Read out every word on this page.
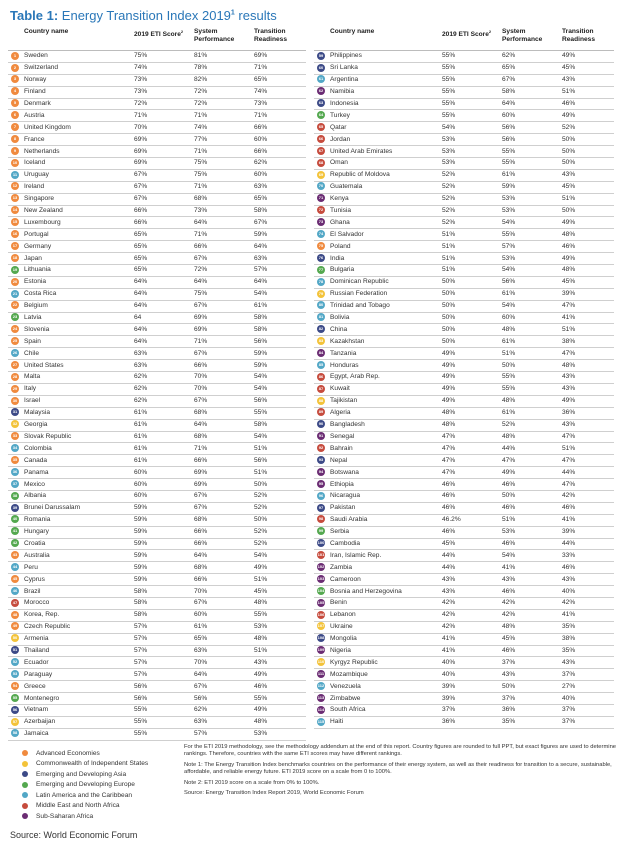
Table 1: Energy Transition Index 2019$^1$ results
	Country name	2019 ETI Score$^2$	System Performance	Transition Readiness
1	Sweden	75%	81%	69%
2	Switzerland	74%	78%	71%
3	Norway	73%	82%	65%
4	Finland	73%	72%	74%
5	Denmark	72%	72%	73%
6	Austria	71%	71%	71%
7	United Kingdom	70%	74%	66%
8	France	69%	77%	60%
9	Netherlands	69%	71%	66%
10	Iceland	69%	75%	62%
11	Uruguay	67%	75%	60%
12	Ireland	67%	71%	63%
13	Singapore	67%	68%	65%
14	New Zealand	66%	73%	58%
15	Luxembourg	66%	64%	67%
16	Portugal	65%	71%	59%
17	Germany	65%	66%	64%
18	Japan	65%	67%	63%
19	Lithuania	65%	72%	57%
20	Estonia	64%	64%	64%
21	Costa Rica	64%	75%	54%
22	Belgium	64%	67%	61%
23	Latvia	64	69%	58%
24	Slovenia	64%	69%	58%
25	Spain	64%	71%	56%
26	Chile	63%	67%	59%
27	United States	63%	66%	59%
28	Malta	62%	70%	54%
29	Italy	62%	70%	54%
30	Israel	62%	67%	56%
31	Malaysia	61%	68%	55%
32	Georgia	61%	64%	58%
33	Slovak Republic	61%	68%	54%
34	Colombia	61%	71%	51%
35	Canada	61%	66%	56%
36	Panama	60%	69%	51%
37	Mexico	60%	69%	50%
38	Albania	60%	67%	52%
39	Brunei Darussalam	59%	67%	52%
40	Romania	59%	68%	50%
41	Hungary	59%	66%	52%
42	Croatia	59%	66%	52%
43	Australia	59%	64%	54%
44	Peru	59%	68%	49%
45	Cyprus	59%	66%	51%
46	Brazil	58%	70%	45%
47	Morocco	58%	67%	48%
48	Korea, Rep.	58%	60%	55%
49	Czech Republic	57%	61%	53%
50	Armenia	57%	65%	48%
51	Thailand	57%	63%	51%
52	Ecuador	57%	70%	43%
53	Paraguay	57%	64%	49%
54	Greece	56%	67%	46%
55	Montenegro	56%	56%	55%
56	Vietnam	55%	62%	49%
57	Azerbaijan	55%	63%	48%
58	Jamaica	55%	57%	53%
	Country name	2019 ETI Score$^2$	System Performance	Transition Readiness
59	Philippines	55%	62%	49%
60	Sri Lanka	55%	65%	45%
61	Argentina	55%	67%	43%
62	Namibia	55%	58%	51%
63	Indonesia	55%	64%	46%
64	Turkey	55%	60%	49%
65	Qatar	54%	56%	52%
66	Jordan	53%	56%	50%
67	United Arab Emirates	53%	55%	50%
68	Oman	53%	55%	50%
69	Republic of Moldova	52%	61%	43%
70	Guatemala	52%	59%	45%
71	Kenya	52%	53%	51%
72	Tunisia	52%	53%	50%
73	Ghana	52%	54%	49%
74	El Salvador	51%	55%	48%
75	Poland	51%	57%	46%
76	India	51%	53%	49%
77	Bulgaria	51%	54%	48%
78	Dominican Republic	50%	56%	45%
79	Russian Federation	50%	61%	39%
80	Trinidad and Tobago	50%	54%	47%
81	Bolivia	50%	60%	41%
82	China	50%	48%	51%
83	Kazakhstan	50%	61%	38%
84	Tanzania	49%	51%	47%
85	Honduras	49%	50%	48%
86	Egypt, Arab Rep.	49%	55%	43%
87	Kuwait	49%	55%	43%
88	Tajikistan	49%	48%	49%
89	Algeria	48%	61%	36%
90	Bangladesh	48%	52%	43%
91	Senegal	47%	48%	47%
92	Bahrain	47%	44%	51%
93	Nepal	47%	47%	47%
94	Botswana	47%	49%	44%
95	Ethiopia	46%	46%	47%
96	Nicaragua	46%	50%	42%
97	Pakistan	46%	46%	46%
98	Saudi Arabia	46.2%	51%	41%
99	Serbia	46%	53%	39%
100	Cambodia	45%	46%	44%
101	Iran, Islamic Rep.	44%	54%	33%
102	Zambia	44%	41%	46%
103	Cameroon	43%	43%	43%
104	Bosnia and Herzegovina	43%	46%	40%
105	Benin	42%	42%	42%
106	Lebanon	42%	42%	41%
107	Ukraine	42%	48%	35%
108	Mongolia	41%	45%	38%
109	Nigeria	41%	46%	35%
110	Kyrgyz Republic	40%	37%	43%
111	Mozambique	40%	43%	37%
112	Venezuela	39%	50%	27%
113	Zimbabwe	39%	37%	40%
114	South Africa	37%	36%	37%
115	Haiti	36%	35%	37%
Advanced Economies
Commonwealth of Independent States
Emerging and Developing Asia
Emerging and Developing Europe
Latin America and the Caribbean
Middle East and North Africa
Sub-Saharan Africa

For the ETI 2019 methodology, see the methodology addendum at the end of this report. Country figures are rounded to full PPT, but exact figures are used to determine rankings. Therefore, countries with the same ETI scores may have different rankings.

Note 1: The Energy Transition Index benchmarks countries on the performance of their energy system, as well as their readiness for transition to a secure, sustainable, affordable, and reliable energy future. ETI 2019 score on a scale from 0 to 100%.

Note 2: ETI 2019 score on a scale from 0% to 100%.

Source: Energy Transition Index Report 2019, World Economic Forum

Source: World Economic Forum
